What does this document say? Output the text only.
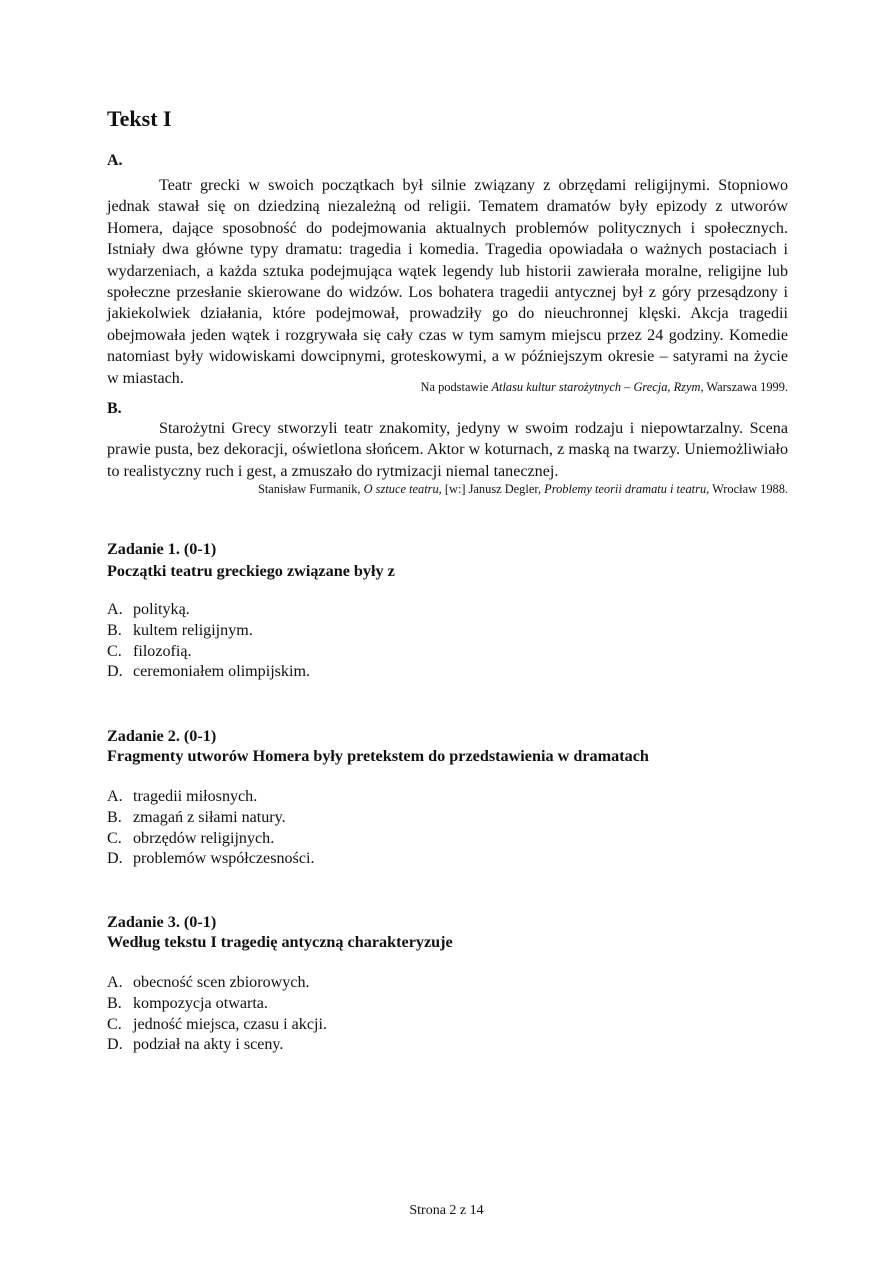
Tekst I

A.

Teatr grecki w swoich początkach był silnie związany z obrzędami religijnymi. Stopniowo jednak stawał się on dziedziną niezależną od religii. Tematem dramatów były epizody z utworów Homera, dające sposobność do podejmowania aktualnych problemów politycznych i społecznych. Istniały dwa główne typy dramatu: tragedia i komedia. Tragedia opowiadała o ważnych postaciach i wydarzeniach, a każda sztuka podejmująca wątek legendy lub historii zawierała moralne, religijne lub społeczne przesłanie skierowane do widzów. Los bohatera tragedii antycznej był z góry przesądzony i jakiekolwiek działania, które podejmował, prowadziły go do nieuchronnej klęski. Akcja tragedii obejmowała jeden wątek i rozgrywała się cały czas w tym samym miejscu przez 24 godziny. Komedie natomiast były widowiskami dowcipnymi, groteskowymi, a w późniejszym okresie – satyrami na życie w miastach.

Na podstawie Atlasu kultur starożytnych – Grecja, Rzym, Warszawa 1999.

B.

Starożytni Grecy stworzyli teatr znakomity, jedyny w swoim rodzaju i niepowtarzalny. Scena prawie pusta, bez dekoracji, oświetlona słońcem. Aktor w koturnach, z maską na twarzy. Uniemożliwiało to realistyczny ruch i gest, a zmuszało do rytmizacji niemal tanecznej.

Stanisław Furmanik, O sztuce teatru, [w:] Janusz Degler, Problemy teorii dramatu i teatru, Wrocław 1988.

Zadanie 1. (0-1)

Początki teatru greckiego związane były z

A. polityką.
B. kultem religijnym.
C. filozofią.
D. ceremoniałem olimpijskim.

Zadanie 2. (0-1)

Fragmenty utworów Homera były pretekstem do przedstawienia w dramatach

A. tragedii miłosnych.
B. zmagań z siłami natury.
C. obrzędów religijnych.
D. problemów współczesności.

Zadanie 3. (0-1)

Według tekstu I tragedię antyczną charakteryzuje

A. obecność scen zbiorowych.
B. kompozycja otwarta.
C. jedność miejsca, czasu i akcji.
D. podział na akty i sceny.

Strona 2 z 14
